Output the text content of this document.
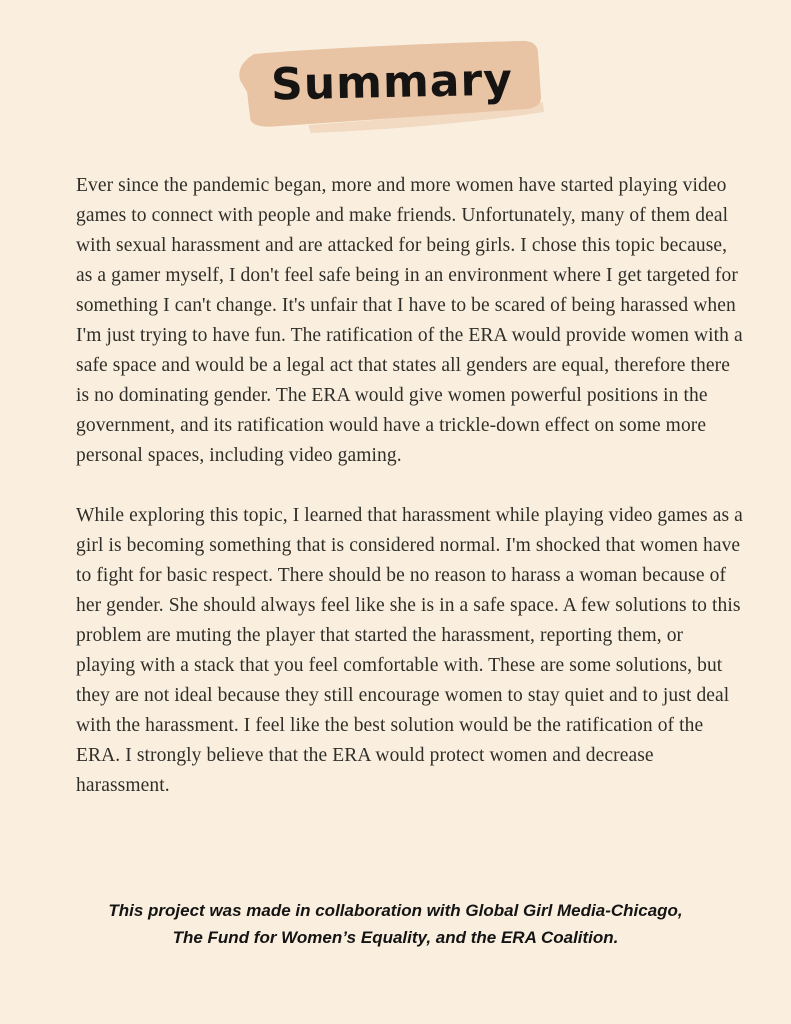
Summary

Ever since the pandemic began, more and more women have started playing video games to connect with people and make friends. Unfortunately, many of them deal with sexual harassment and are attacked for being girls. I chose this topic because, as a gamer myself, I don't feel safe being in an environment where I get targeted for something I can't change. It's unfair that I have to be scared of being harassed when I'm just trying to have fun. The ratification of the ERA would provide women with a safe space and would be a legal act that states all genders are equal, therefore there is no dominating gender. The ERA would give women powerful positions in the government, and its ratification would have a trickle-down effect on some more personal spaces, including video gaming.

While exploring this topic, I learned that harassment while playing video games as a girl is becoming something that is considered normal. I'm shocked that women have to fight for basic respect. There should be no reason to harass a woman because of her gender. She should always feel like she is in a safe space. A few solutions to this problem are muting the player that started the harassment, reporting them, or playing with a stack that you feel comfortable with. These are some solutions, but they are not ideal because they still encourage women to stay quiet and to just deal with the harassment. I feel like the best solution would be the ratification of the ERA. I strongly believe that the ERA would protect women and decrease harassment.

This project was made in collaboration with Global Girl Media-Chicago,
The Fund for Women’s Equality, and the ERA Coalition.
